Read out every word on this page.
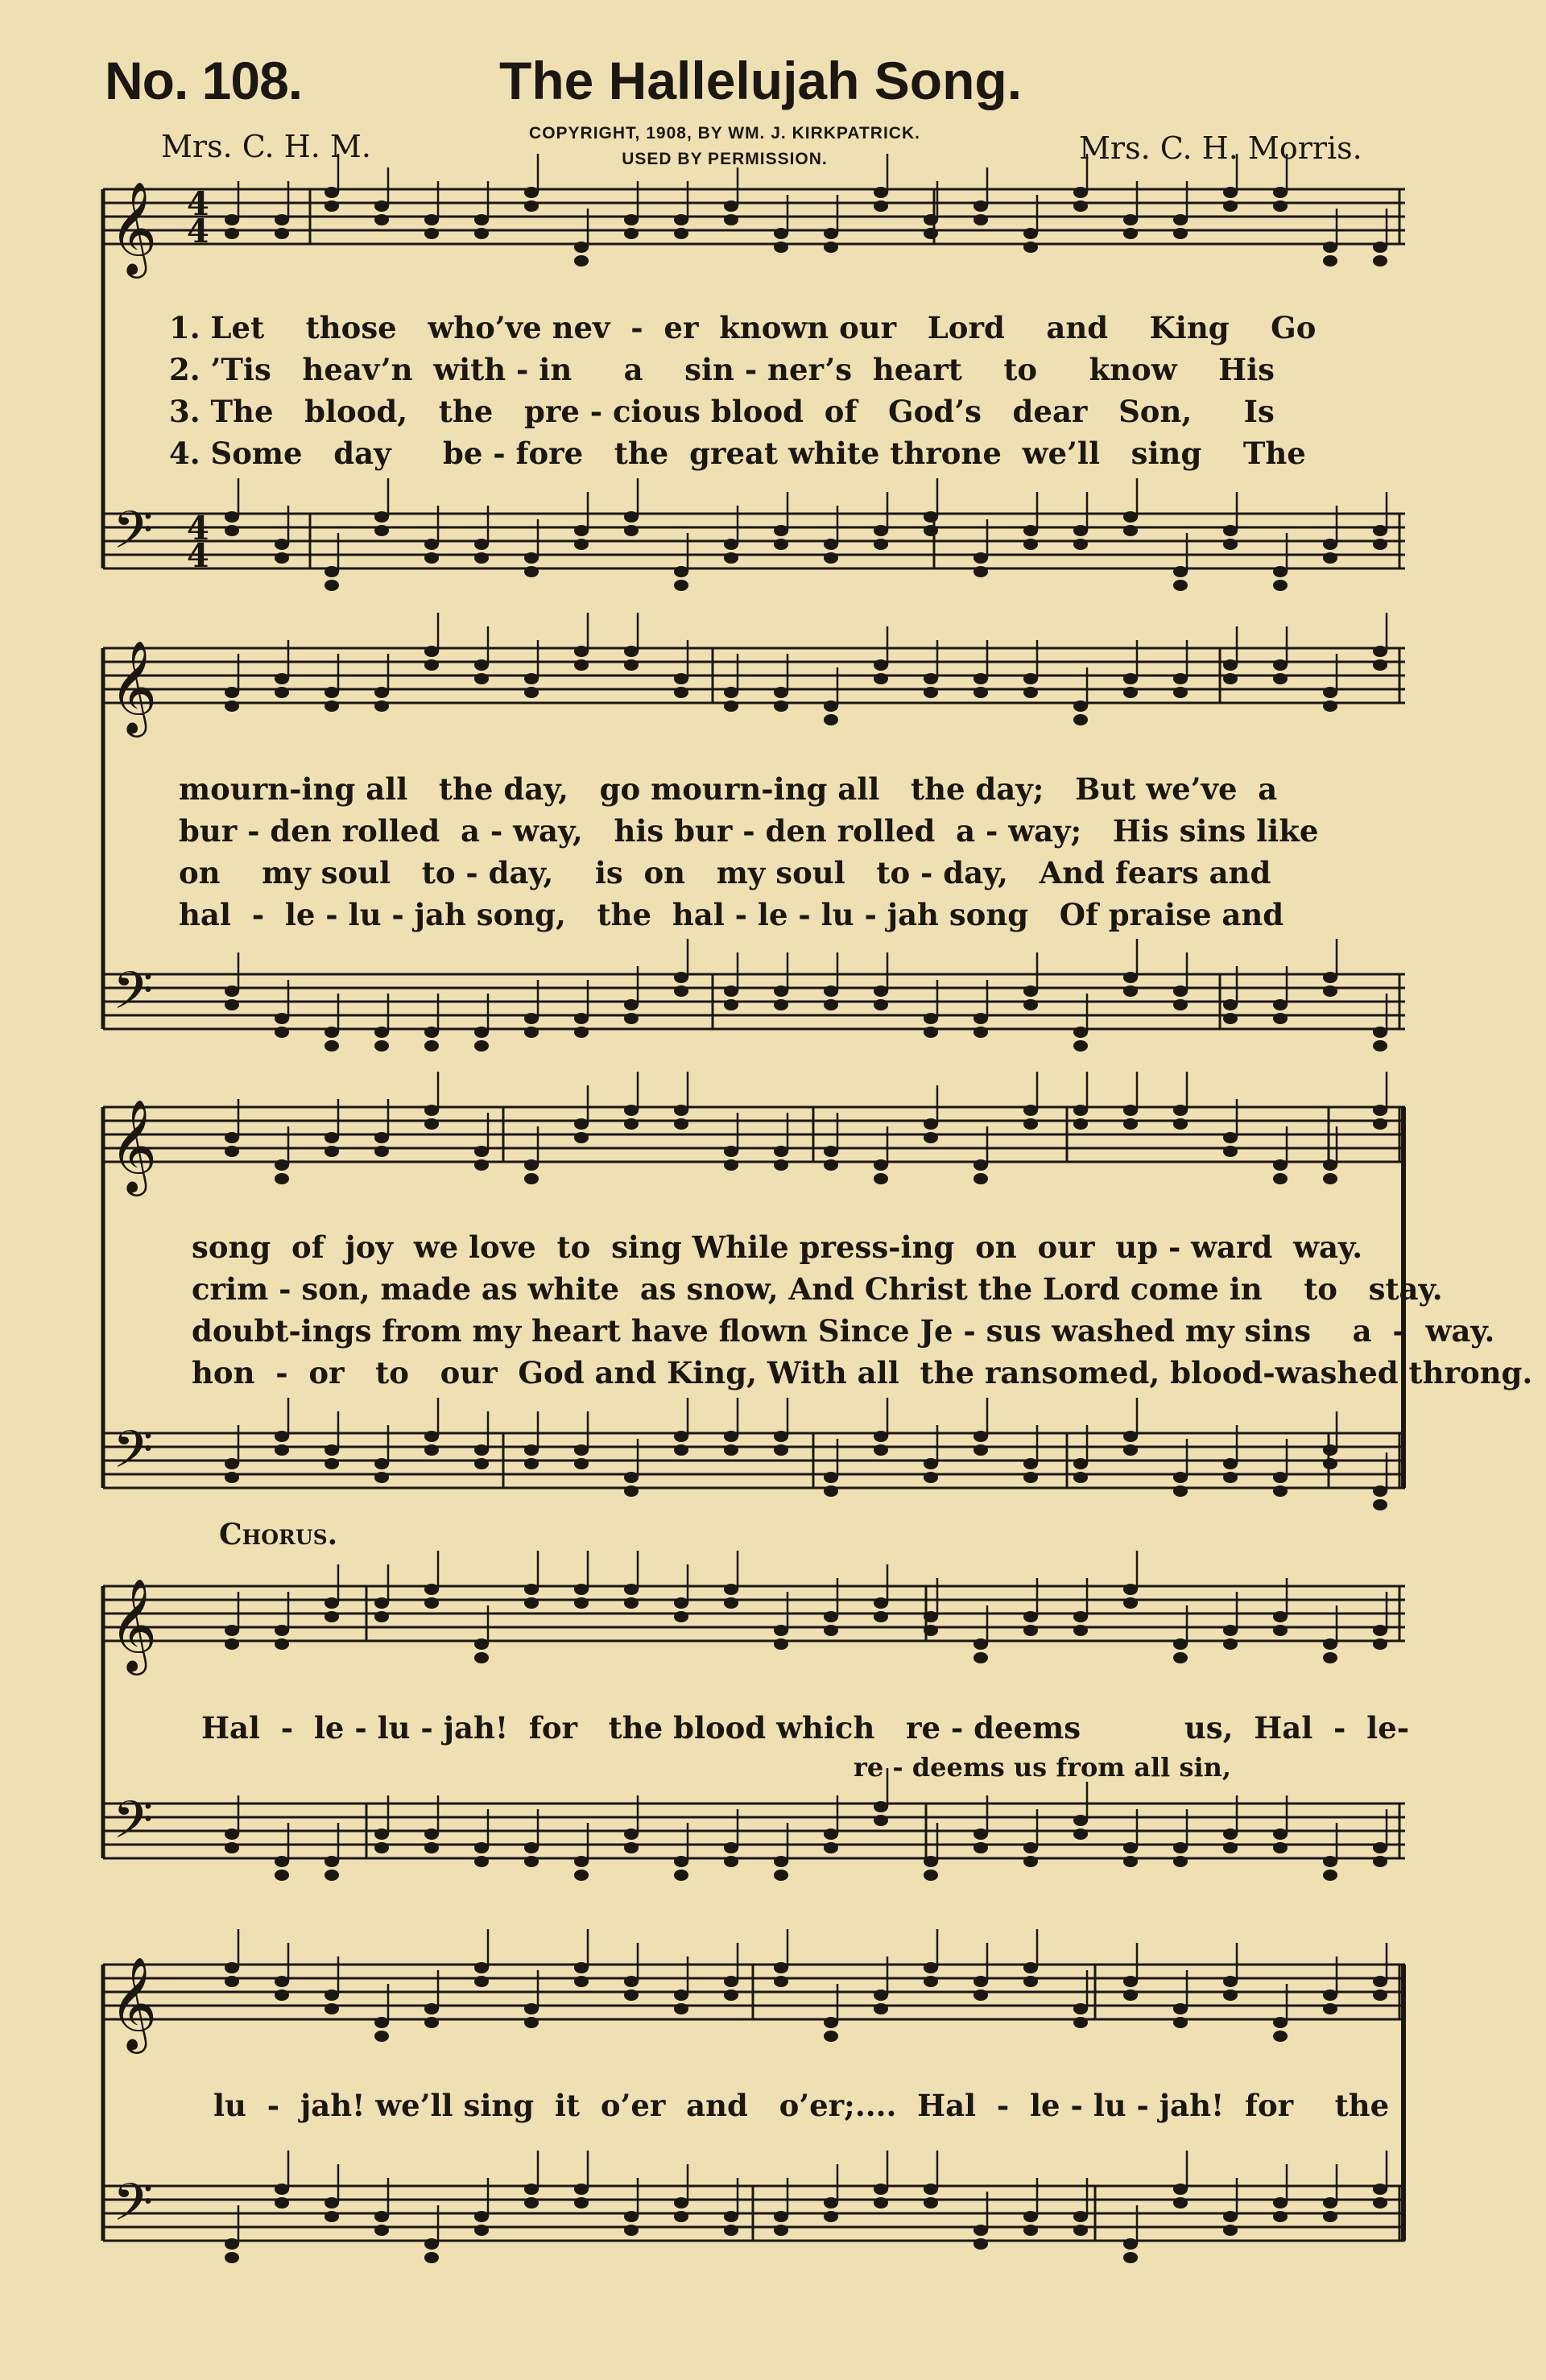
No. 108.	The Hallelujah Song.
Mrs. C. H. M.	COPYRIGHT, 1908, BY WM. J. KIRKPATRICK.
USED BY PERMISSION.	Mrs. C. H. Morris.
𝄞
𝄢
𝄞
𝄢
𝄞
𝄢
𝄞
𝄢
𝄞
𝄢
4
4
4
4
1. Let    those   who’ve nev  -  er  known our   Lord    and    King    Go
2. ’Tis   heav’n  with - in     a    sin - ner’s  heart    to     know    His
3. The   blood,   the   pre - cious blood  of   God’s   dear   Son,     Is
4. Some   day     be - fore   the  great white throne  we’ll   sing    The
mourn-ing all   the day,   go mourn-ing all   the day;   But we’ve  a
bur - den rolled  a - way,   his bur - den rolled  a - way;   His sins like
on    my soul   to - day,    is  on   my soul   to - day,   And fears and
hal  -  le - lu - jah song,   the  hal - le - lu - jah song   Of praise and
song  of  joy  we love  to  sing While press-ing  on  our  up - ward  way.
crim - son, made as white  as snow, And Christ the Lord come in    to   stay.
doubt-ings from my heart have flown Since Je - sus washed my sins    a  -  way.
hon  -  or   to   our  God and King, With all  the ransomed, blood-washed throng.
Chorus.
Hal  -  le - lu - jah!  for   the blood which   re - deems          us,  Hal  -  le-
re - deems us from all sin,
lu  -  jah! we’ll sing  it  o’er  and   o’er;....  Hal  -  le - lu - jah!  for    the
